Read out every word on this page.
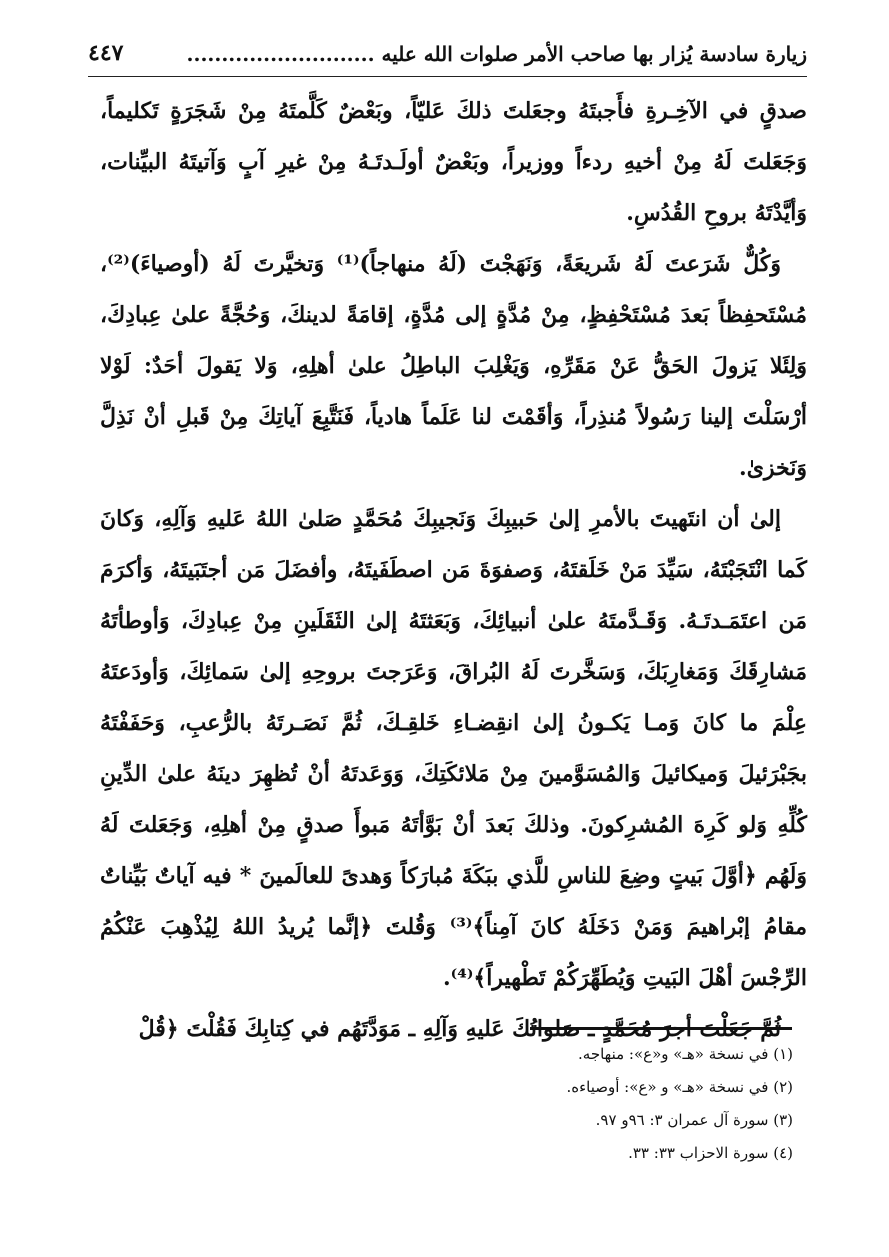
زيارة سادسة يُزار بها صاحب الأمر صلوات الله عليه ...........................
٤٤٧

صدقٍ في الآخِـرةِ فأَجبتَهُ وجعَلتَ ذلكَ عَليّاً، وبَعْضٌ كَلَّمتَهُ مِنْ شَجَرَةٍ تَكليماً، وَجَعَلتَ لَهُ مِنْ أخيهِ ردءاً ووزيراً، وبَعْضٌ أولَـدتَـهُ مِنْ غيرِ آبٍ وَآتيتَهُ البيِّنات، وَأيَّدْتَهُ بروحِ القُدُسِ.

وَكُلٌّ شَرَعتَ لَهُ شَريعَةً، وَنَهَجْتَ (لَهُ منهاجاً)⁽¹⁾ وَتخيَّرتَ لَهُ (أوصياءَ)⁽²⁾، مُسْتَحفِظاً بَعدَ مُسْتَحْفِظٍ، مِنْ مُدَّةٍ إلى مُدَّةٍ، إقامَةً لدينكَ، وَحُجَّةً علىٰ عِبادِكَ، وَلِئَلا يَزولَ الحَقُّ عَنْ مَقَرِّهِ، وَيَغْلِبَ الباطِلُ علىٰ أهلِهِ، وَلا يَقولَ أحَدٌ: لَوْلا أرْسَلْتَ إلينا رَسُولاً مُنذِراً، وَأقَمْتَ لنا عَلَماً هادياً، فَنَتَّبِعَ آياتِكَ مِنْ قَبلِ أنْ نَذِلَّ وَنَخزىٰ.

إلىٰ أن انتَهيتَ بالأمرِ إلىٰ حَبيبِكَ وَنَجيبِكَ مُحَمَّدٍ صَلىٰ اللهُ عَليهِ وَآلِهِ، وَكانَ كَما انْتَجَبْتَهُ، سَيِّدَ مَنْ خَلَقتَهُ، وَصفوَةَ مَن اصطَفَيتَهُ، وأفضَلَ مَن أجتَبَيتَهُ، وَأكرَمَ مَن اعتَمَـدتَـهُ. وَقَـدَّمتَهُ علىٰ أنبيائِكَ، وَبَعَثتَهُ إلىٰ الثَقَلَينِ مِنْ عِبادِكَ، وَأوطأتَهُ مَشارِقَكَ وَمَغارِبَكَ، وَسَخَّرتَ لَهُ البُراقَ، وَعَرَجتَ بروحِهِ إلىٰ سَمائِكَ، وَأودَعتَهُ عِلْمَ ما كانَ وَمـا يَكـونُ إلىٰ انقِضـاءِ خَلقِـكَ، ثُمَّ نَصَـرتَهُ بالرُّعبِ، وَحَفَفْتَهُ بجَبْرَئيلَ وَميكائيلَ وَالمُسَوَّمينَ مِنْ مَلائكَتِكَ، وَوَعَدتَهُ أنْ تُظهِرَ دينَهُ علىٰ الدِّينِ كُلِّهِ وَلو كَرِهَ المُشرِكونَ. وذلكَ بَعدَ أنْ بَوَّأتَهُ مَبوأَ صدقٍ مِنْ أهلِهِ، وَجَعَلتَ لَهُ وَلَهُم ﴿أوَّلَ بَيتٍ وضِعَ للناسِ للَّذي ببَكَةَ مُبارَكاً وَهدىً للعالَمينَ * فيه آياتٌ بَيِّناتٌ مقامُ إبْراهيمَ وَمَنْ دَخَلَهُ كانَ آمِناً﴾⁽³⁾ وَقُلتَ ﴿إنَّما يُريدُ اللهُ لِيُذْهِبَ عَنْكُمُ الرِّجْسَ أهْلَ البَيتِ وَيُطَهِّرَكُمْ تَطْهيراً﴾⁽⁴⁾.

ثُمَّ جَعَلْتَ أجرَ مُحَمَّدٍ ـ صَلواتُكَ عَليهِ وَآلِهِ ـ مَوَدَّتَهُم في كِتابِكَ فَقُلْتَ ﴿قُلْ

(١) في نسخة «هـ» و«ع»: منهاجه.

(٢) في نسخة «هـ» و «ع»: أوصياءه.

(٣) سورة آل عمران ٣: ٩٦و ٩٧.

(٤) سورة الاحزاب ٣٣: ٣٣.
